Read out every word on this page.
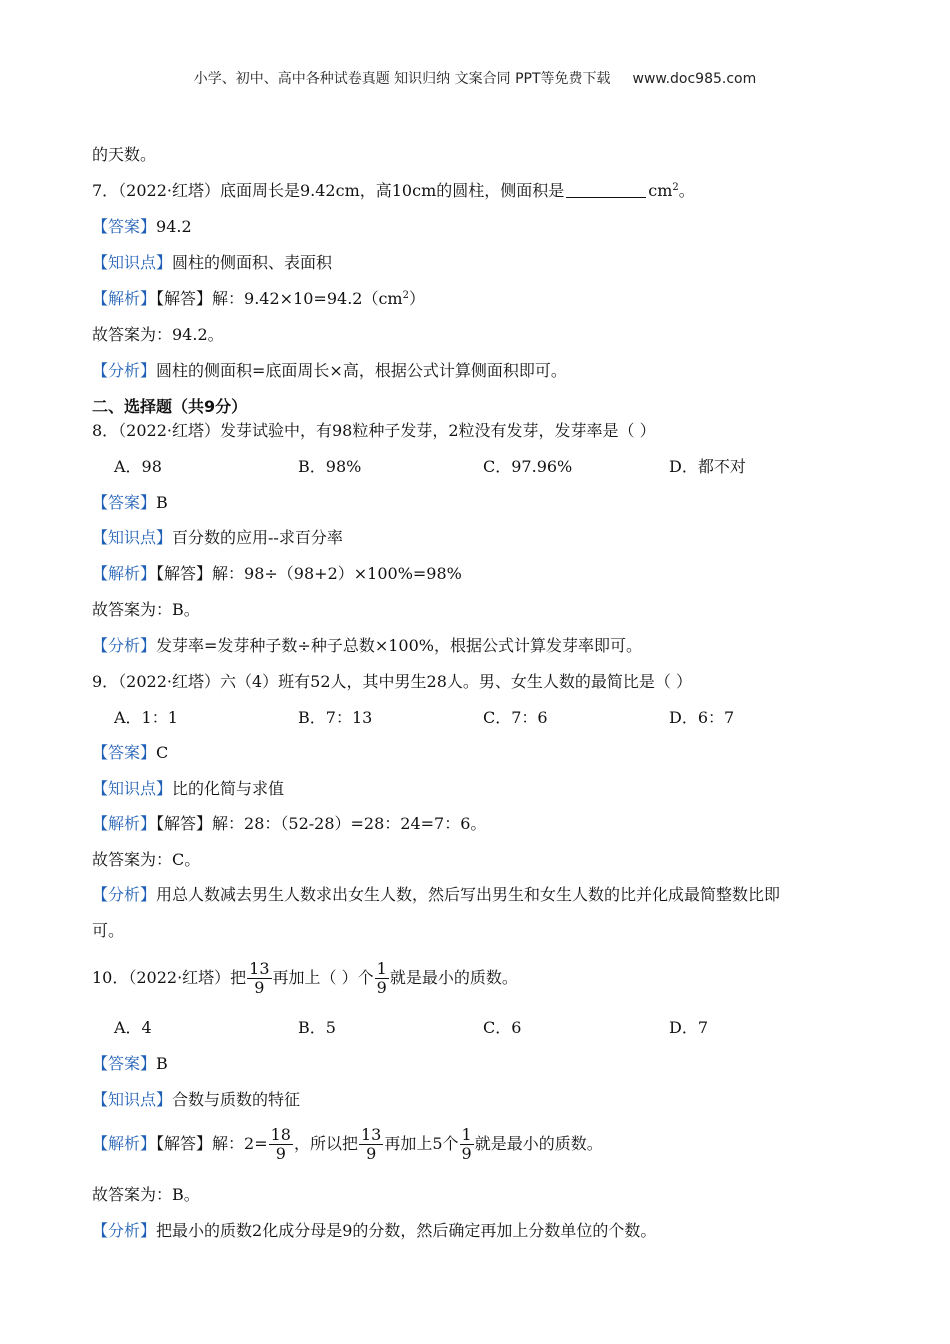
小学、初中、高中各种试卷真题 知识归纳 文案合同 PPT等免费下载 www.doc985.com
的天数。
7．（2022·红塔）底面周长是9.42cm，高10cm的圆柱，侧面积是	$cm^2$。
【答案】94.2
【知识点】圆柱的侧面积、表面积
【解析】【解答】解：$9.42\times 10=94.2(cm^2)$
故答案为：94.2。
【分析】圆柱的侧面积=底面周长×高，根据公式计算侧面积即可。
二、选择题（共9分）
8．（2022·红塔）发芽试验中，有98粒种子发芽，2粒没有发芽，发芽率是（ ）
A．98	B．98%	C．97.96%	D．都不对
【答案】B
【知识点】百分数的应用--求百分率
【解析】【解答】解：98÷（98+2）×100%=98%
故答案为：B。
【分析】发芽率=发芽种子数÷种子总数×100%，根据公式计算发芽率即可。
9．（2022·红塔）六（4）班有52人，其中男生28人。男、女生人数的最简比是（ ）
A．1：1	B．7：13	C．7：6	D．6：7
【答案】C
【知识点】比的化简与求值
【解析】【解答】解：28：（52-28）=28：24=7：6。
故答案为：C。
【分析】用总人数减去男生人数求出女生人数，然后写出男生和女生人数的比并化成最简整数比即
可。
10．（2022·红塔）把 $\frac{13}{9}$ 再加上（ ）个 $\frac{1}{9}$ 就是最小的质数。
A．4	B．5	C．6	D．7
【答案】B
【知识点】合数与质数的特征
【解析】【解答】解：$2= \frac{18}{9}$ ，所以把 $\frac{13}{9}$ 再加上5个 $\frac{1}{9}$ 就是最小的质数。
故答案为：B。
【分析】把最小的质数2化成分母是9的分数，然后确定再加上分数单位的个数。
